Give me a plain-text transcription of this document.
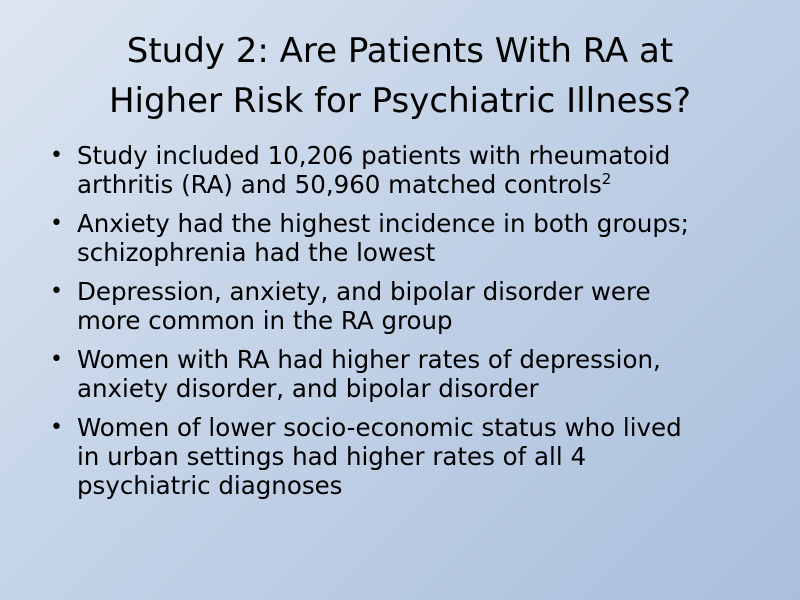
Study 2: Are Patients With RA at
Higher Risk for Psychiatric Illness?
• Study included 10,206 patients with rheumatoid
arthritis (RA) and 50,960 matched controls$^2$
• Anxiety had the highest incidence in both groups;
schizophrenia had the lowest
• Depression, anxiety, and bipolar disorder were
more common in the RA group
• Women with RA had higher rates of depression,
anxiety disorder, and bipolar disorder
• Women of lower socio-economic status who lived
in urban settings had higher rates of all 4
psychiatric diagnoses
